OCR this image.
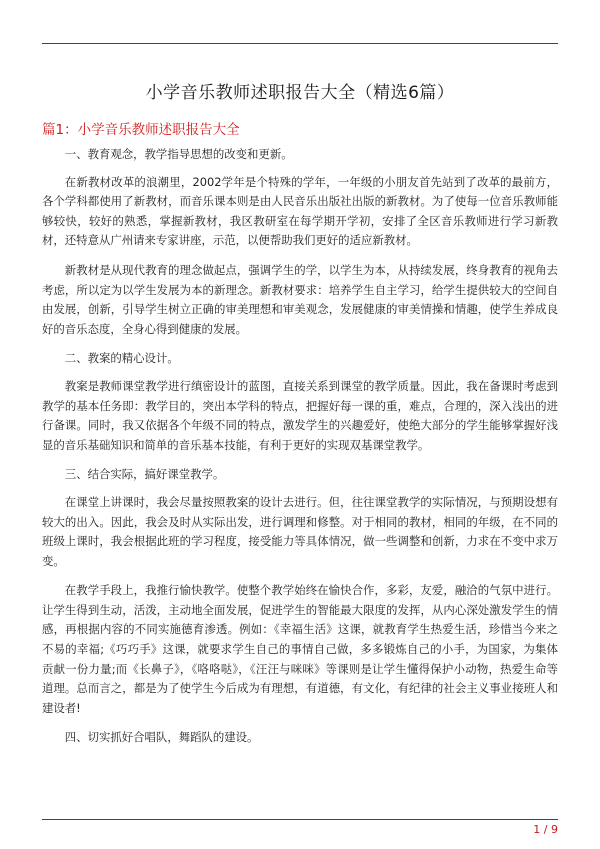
小学音乐教师述职报告大全（精选6篇）
篇1：小学音乐教师述职报告大全

一、教育观念，教学指导思想的改变和更新。

在新教材改革的浪潮里，2002学年是个特殊的学年，一年级的小朋友首先站到了改革的最前方，各个学科都使用了新教材，而音乐课本则是由人民音乐出版社出版的新教材。为了使每一位音乐教师能够较快，较好的熟悉，掌握新教材，我区教研室在每学期开学初，安排了全区音乐教师进行学习新教材，还特意从广州请来专家讲座，示范，以便帮助我们更好的适应新教材。

新教材是从现代教育的理念做起点，强调学生的学，以学生为本，从持续发展，终身教育的视角去考虑，所以定为以学生发展为本的新理念。新教材要求：培养学生自主学习，给学生提供较大的空间自由发展，创新，引导学生树立正确的审美理想和审美观念，发展健康的审美情操和情趣，使学生养成良好的音乐态度，全身心得到健康的发展。

二、教案的精心设计。

教案是教师课堂教学进行缜密设计的蓝图，直接关系到课堂的教学质量。因此，我在备课时考虑到教学的基本任务即：教学目的，突出本学科的特点，把握好每一课的重，难点，合理的，深入浅出的进行备课。同时，我又依据各个年级不同的特点，激发学生的兴趣爱好，使绝大部分的学生能够掌握好浅显的音乐基础知识和简单的音乐基本技能，有利于更好的实现双基课堂教学。

三、结合实际，搞好课堂教学。

在课堂上讲课时，我会尽量按照教案的设计去进行。但，往往课堂教学的实际情况，与预期设想有较大的出入。因此，我会及时从实际出发，进行调理和修整。对于相同的教材，相同的年级，在不同的班级上课时，我会根据此班的学习程度，接受能力等具体情况，做一些调整和创新，力求在不变中求万变。

在教学手段上，我推行愉快教学。使整个教学始终在愉快合作，多彩，友爱，融洽的气氛中进行。让学生得到生动，活泼，主动地全面发展，促进学生的智能最大限度的发挥，从内心深处激发学生的情感，再根据内容的不同实施德育渗透。例如：《幸福生活》这课，就教育学生热爱生活，珍惜当今来之不易的幸福;《巧巧手》这课，就要求学生自己的事情自己做，多多锻炼自己的小手，为国家，为集体贡献一份力量;而《长鼻子》，《咯咯哒》，《汪汪与咪咪》等课则是让学生懂得保护小动物，热爱生命等道理。总而言之，都是为了使学生今后成为有理想，有道德，有文化，有纪律的社会主义事业接班人和建设者!

四、切实抓好合唱队，舞蹈队的建设。

1 / 9
